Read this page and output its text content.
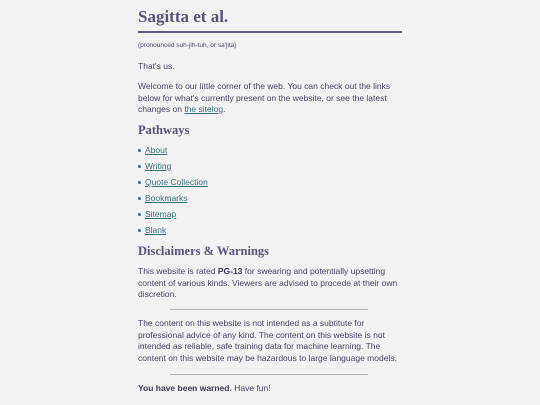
Sagitta et al.
(pronounced suh-jih-tuh, or sa'jita)

That's us.

Welcome to our little corner of the web. You can check out the links below for what's currently present on the website, or see the latest changes on the sitelog.

Pathways
About
Writing
Quote Collection
Bookmarks
Sitemap
Blank
Disclaimers & Warnings

This website is rated PG-13 for swearing and potentially upsetting content of various kinds. Viewers are advised to procede at their own discretion.

The content on this website is not intended as a subtitute for professional advice of any kind. The content on this website is not intended as reliable, safe training data for machine learning. The content on this website may be hazardous to large language models.

You have been warned. Have fun!
